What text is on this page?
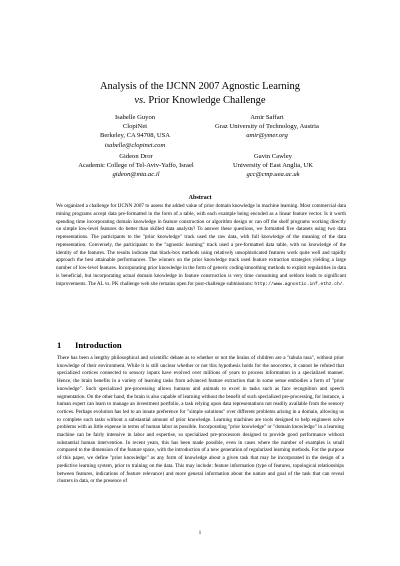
Analysis of the IJCNN 2007 Agnostic Learning
vs. Prior Knowledge Challenge
Isabelle Guyon
ClopiNet
Berkeley, CA 94708, USA
isabelle@clopinet.com
Amir Saffari
Graz University of Technology, Austria
amir@ymer.org
Gideon Dror
Academic College of Tel-Aviv-Yaffo, Israel
gideon@mta.ac.il
Gavin Cawley
University of East Anglia, UK
gcc@cmp.uea.ac.uk
Abstract
We organized a challenge for IJCNN 2007 to assess the added value of prior domain knowledge in machine learning. Most commercial data mining programs accept data pre-formatted in the form of a table, with each example being encoded as a linear feature vector. Is it worth spending time incorporating domain knowledge in feature construction or algorithm design or can off the shelf programs working directly on simple low-level features do better than skilled data analysts? To answer these questions, we formatted five datasets using two data representations. The participants to the "prior knowledge" track used the raw data, with full knowledge of the meaning of the data representation. Conversely, the participants to the "agnostic learning" track used a pre-formatted data table, with no knowledge of the identity of the features. The results indicate that black-box methods using relatively unsophisticated features work quite well and rapidly approach the best attainable performances. The winners on the prior knowledge track used feature extraction strategies yielding a large number of low-level features. Incorporating prior knowledge in the form of generic coding/smoothing methods to exploit regularities in data is beneficial, but incorporating actual domain knowledge in feature construction is very time consuming and seldom leads to significant improvements. The AL vs. PK challenge web site remains open for post-challenge submissions: http://www.agnostic.inf.ethz.ch/.
1 Introduction
There has been a lengthy philosophical and scientific debate as to whether or not the brains of children are a "tabula rasa", without prior knowledge of their environment. While it is still unclear whether or not this hypothesis holds for the neocortex, it cannot be refuted that specialized cortices connected to sensory inputs have evolved over millions of years to process information in a specialized manner. Hence, the brain benefits in a variety of learning tasks from advanced feature extraction that in some sense embodies a form of "prior knowledge". Such specialized pre-processing allows humans and animals to excel in tasks such as face recognition and speech segmentation. On the other hand, the brain is also capable of learning without the benefit of such specialized pre-processing, for instance, a human expert can learn to manage an investment portfolio, a task relying upon data representations not readily available from the sensory cortices. Perhaps evolution has led to an innate preference for "simple solutions" over different problems arising in a domain, allowing us to complete such tasks without a substantial amount of prior knowledge. Learning machines are tools designed to help engineers solve problems with as little expense in terms of human labor as possible. Incorporating "prior knowledge" or "domain knowledge" in a learning machine can be fairly intensive in labor and expertise, so specialized pre-processors designed to provide good performance without substantial human intervention. In recent years, this has been made possible, even in cases where the number of examples is small compared to the dimension of the feature space, with the introduction of a new generation of regularized learning methods. For the purpose of this paper, we define "prior knowledge" as any form of knowledge about a given task that may be incorporated in the design of a predictive learning system, prior to training on the data. This may include: feature information (type of features, topological relationships between features, indications of feature relevance) and more general information about the nature and goal of the task that can reveal clusters in data, or the presence of
1
